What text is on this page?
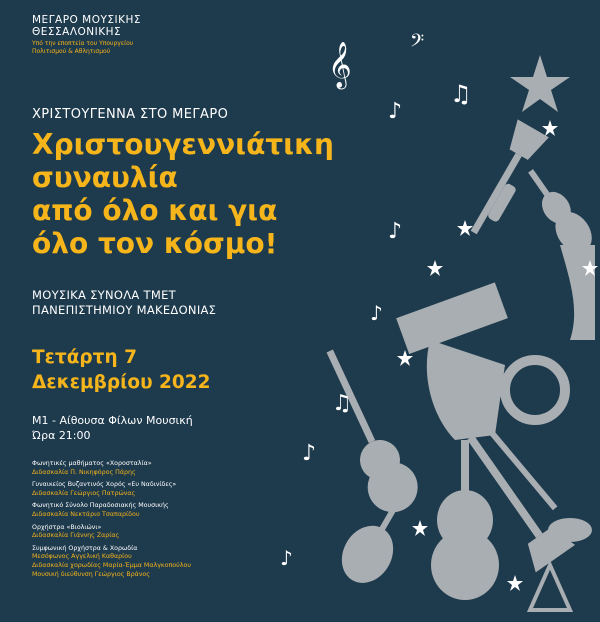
ΜΕΓΑΡΟ ΜΟΥΣΙΚΗΣ
ΘΕΣΣΑΛΟΝΙΚΗΣ
Υπό την εποπτεία του Υπουργείου
Πολιτισμού & Αθλητισμού
ΧΡΙΣΤΟΥΓΕΝΝΑ ΣΤΟ ΜΕΓΑΡΟ
Χριστουγεννιάτικη
συναυλία
από όλο και για
όλο τον κόσμο!
ΜΟΥΣΙΚΑ ΣΥΝΟΛΑ ΤΜΕΤ
ΠΑΝΕΠΙΣΤΗΜΙΟΥ ΜΑΚΕΔΟΝΙΑΣ
Τετάρτη 7
Δεκεμβρίου 2022
Μ1 - Αίθουσα Φίλων Μουσική
Ώρα 21:00
Φωνητικές μαθήματος «Χοροσταλία»
Διδασκαλία Π. Νικηφόρος Πάρης
Γυναικείος Βυζαντινός Χορός «Ευ Ναδινίδες»
Διδασκαλία Γεώργιος Πατρώνας
Φωνητικό Σύνολο Παραδοσιακής Μουσικής
Διδασκαλία Νεκτάριο Τσαπαρίδου
Ορχήστρα «Βιολιώνι»
Διδασκαλία Γιάννης Ζαρίας
Συμφωνική Ορχήστρα & Χορωδία
Μεσόφωνος Αγγελική Καθαρίου
Διδασκαλία χορωδίας Μαρία-Έμμα Μαλγκοπούλου
Μουσική διεύθυνση Γεώργιος Βράνος
𝄞	𝄢
♫
♪
♪
♪
♫
♪
♪
